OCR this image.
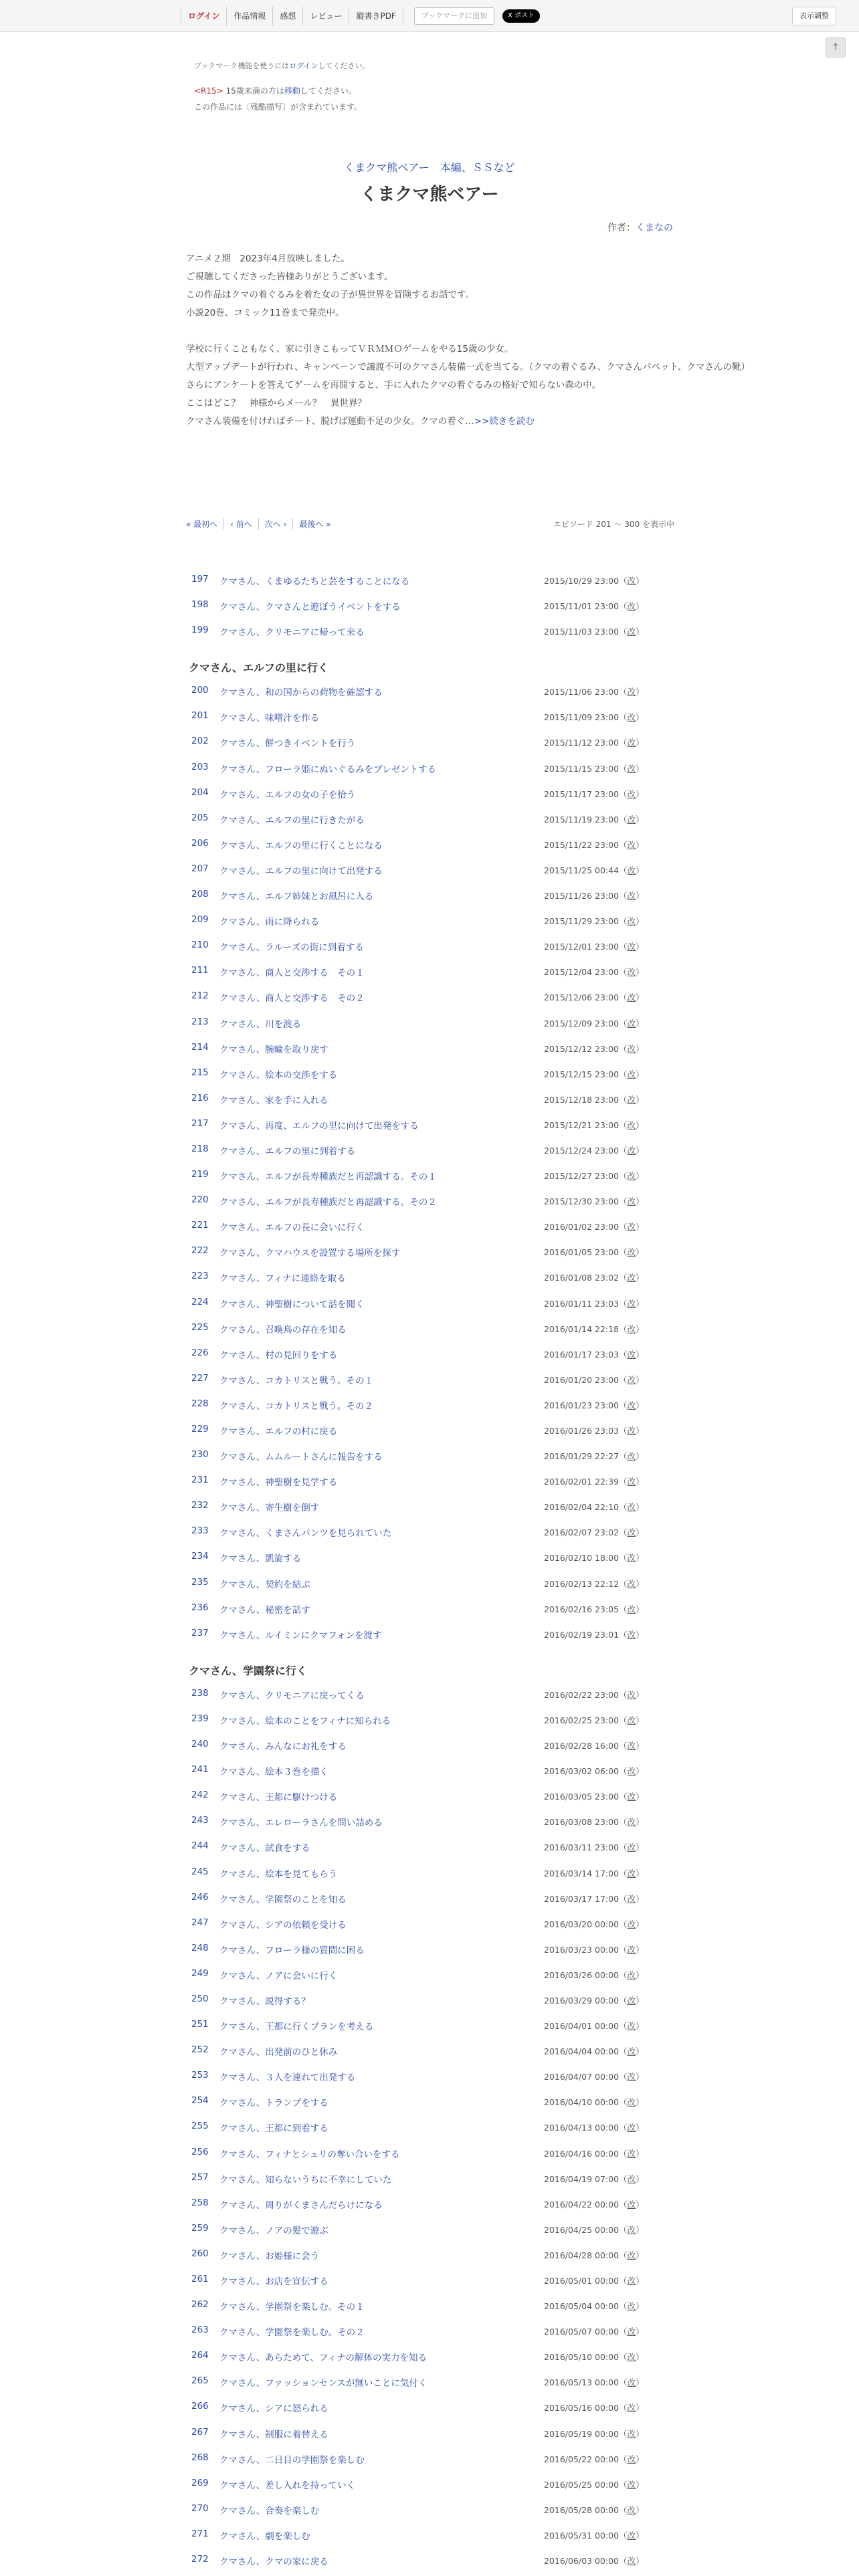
ログイン	作品情報	感想	レビュー	縦書きPDF	ブックマークに追加	X ポスト	表示調整
↑
ブックマーク機能を使うにはログインしてください。
<R15> 15歳未満の方は移動してください。
この作品には〔残酷描写〕が含まれています。
くまクマ熊ベアー　本編、ＳＳなど
くまクマ熊ベアー
作者：くまなの
アニメ２期　2023年4月放映しました。
ご視聴してくださった皆様ありがとうございます。
この作品はクマの着ぐるみを着た女の子が異世界を冒険するお話です。
小説20巻、コミック11巻まで発売中。
学校に行くこともなく、家に引きこもってＶＲＭＭＯゲームをやる15歳の少女。
大型アップデートが行われ、キャンペーンで譲渡不可のクマさん装備一式を当てる。（クマの着ぐるみ、クマさんパペット、クマさんの靴）
さらにアンケートを答えてゲームを再開すると、手に入れたクマの着ぐるみの格好で知らない森の中。
ここはどこ？　神様からメール？　異世界？
クマさん装備を付ければチート、脱げば運動不足の少女。クマの着ぐ…>>続きを読む
« 最初へ ‹ 前へ 次へ › 最後へ »	エピソード 201 ～ 300 を表示中
197	クマさん、くまゆるたちと芸をすることになる	2015/10/29 23:00（改）
198	クマさん、クマさんと遊ぼうイベントをする	2015/11/01 23:00（改）
199	クマさん、クリモニアに帰って来る	2015/11/03 23:00（改）
クマさん、エルフの里に行く
200	クマさん、和の国からの荷物を確認する	2015/11/06 23:00（改）
201	クマさん、味噌汁を作る	2015/11/09 23:00（改）
202	クマさん、餅つきイベントを行う	2015/11/12 23:00（改）
203	クマさん、フローラ姫にぬいぐるみをプレゼントする	2015/11/15 23:00（改）
204	クマさん、エルフの女の子を拾う	2015/11/17 23:00（改）
205	クマさん、エルフの里に行きたがる	2015/11/19 23:00（改）
206	クマさん、エルフの里に行くことになる	2015/11/22 23:00（改）
207	クマさん、エルフの里に向けて出発する	2015/11/25 00:44（改）
208	クマさん、エルフ姉妹とお風呂に入る	2015/11/26 23:00（改）
209	クマさん、雨に降られる	2015/11/29 23:00（改）
210	クマさん、ラルーズの街に到着する	2015/12/01 23:00（改）
211	クマさん、商人と交渉する　その１	2015/12/04 23:00（改）
212	クマさん、商人と交渉する　その２	2015/12/06 23:00（改）
213	クマさん、川を渡る	2015/12/09 23:00（改）
214	クマさん、腕輪を取り戻す	2015/12/12 23:00（改）
215	クマさん、絵本の交渉をする	2015/12/15 23:00（改）
216	クマさん、家を手に入れる	2015/12/18 23:00（改）
217	クマさん、再度、エルフの里に向けて出発をする	2015/12/21 23:00（改）
218	クマさん、エルフの里に到着する	2015/12/24 23:00（改）
219	クマさん、エルフが長寿種族だと再認識する。その１	2015/12/27 23:00（改）
220	クマさん、エルフが長寿種族だと再認識する。その２	2015/12/30 23:00（改）
221	クマさん、エルフの長に会いに行く	2016/01/02 23:00（改）
222	クマさん、クマハウスを設置する場所を探す	2016/01/05 23:00（改）
223	クマさん、フィナに連絡を取る	2016/01/08 23:02（改）
224	クマさん、神聖樹について話を聞く	2016/01/11 23:03（改）
225	クマさん、召喚鳥の存在を知る	2016/01/14 22:18（改）
226	クマさん、村の見回りをする	2016/01/17 23:03（改）
227	クマさん、コカトリスと戦う。その１	2016/01/20 23:00（改）
228	クマさん、コカトリスと戦う。その２	2016/01/23 23:00（改）
229	クマさん、エルフの村に戻る	2016/01/26 23:03（改）
230	クマさん、ムムルートさんに報告をする	2016/01/29 22:27（改）
231	クマさん、神聖樹を見学する	2016/02/01 22:39（改）
232	クマさん、寄生樹を倒す	2016/02/04 22:10（改）
233	クマさん、くまさんパンツを見られていた	2016/02/07 23:02（改）
234	クマさん、凱旋する	2016/02/10 18:00（改）
235	クマさん、契約を結ぶ	2016/02/13 22:12（改）
236	クマさん、秘密を話す	2016/02/16 23:05（改）
237	クマさん、ルイミンにクマフォンを渡す	2016/02/19 23:01（改）
クマさん、学園祭に行く
238	クマさん、クリモニアに戻ってくる	2016/02/22 23:00（改）
239	クマさん、絵本のことをフィナに知られる	2016/02/25 23:00（改）
240	クマさん、みんなにお礼をする	2016/02/28 16:00（改）
241	クマさん、絵本３巻を描く	2016/03/02 06:00（改）
242	クマさん、王都に駆けつける	2016/03/05 23:00（改）
243	クマさん、エレローラさんを問い詰める	2016/03/08 23:00（改）
244	クマさん、試食をする	2016/03/11 23:00（改）
245	クマさん、絵本を見てもらう	2016/03/14 17:00（改）
246	クマさん、学園祭のことを知る	2016/03/17 17:00（改）
247	クマさん、シアの依頼を受ける	2016/03/20 00:00（改）
248	クマさん、フローラ様の質問に困る	2016/03/23 00:00（改）
249	クマさん、ノアに会いに行く	2016/03/26 00:00（改）
250	クマさん、説得する？	2016/03/29 00:00（改）
251	クマさん、王都に行くプランを考える	2016/04/01 00:00（改）
252	クマさん、出発前のひと休み	2016/04/04 00:00（改）
253	クマさん、３人を連れて出発する	2016/04/07 00:00（改）
254	クマさん、トランプをする	2016/04/10 00:00（改）
255	クマさん、王都に到着する	2016/04/13 00:00（改）
256	クマさん、フィナとシュリの奪い合いをする	2016/04/16 00:00（改）
257	クマさん、知らないうちに不幸にしていた	2016/04/19 07:00（改）
258	クマさん、周りがくまさんだらけになる	2016/04/22 00:00（改）
259	クマさん、ノアの髪で遊ぶ	2016/04/25 00:00（改）
260	クマさん、お姫様に会う	2016/04/28 00:00（改）
261	クマさん、お店を宣伝する	2016/05/01 00:00（改）
262	クマさん、学園祭を楽しむ。その１	2016/05/04 00:00（改）
263	クマさん、学園祭を楽しむ。その２	2016/05/07 00:00（改）
264	クマさん、あらためて、フィナの解体の実力を知る	2016/05/10 00:00（改）
265	クマさん、ファッションセンスが無いことに気付く	2016/05/13 00:00（改）
266	クマさん、シアに怒られる	2016/05/16 00:00（改）
267	クマさん、制服に着替える	2016/05/19 00:00（改）
268	クマさん、二日目の学園祭を楽しむ	2016/05/22 00:00（改）
269	クマさん、差し入れを持っていく	2016/05/25 00:00（改）
270	クマさん、合奏を楽しむ	2016/05/28 00:00（改）
271	クマさん、劇を楽しむ	2016/05/31 00:00（改）
272	クマさん、クマの家に戻る	2016/06/03 00:00（改）
